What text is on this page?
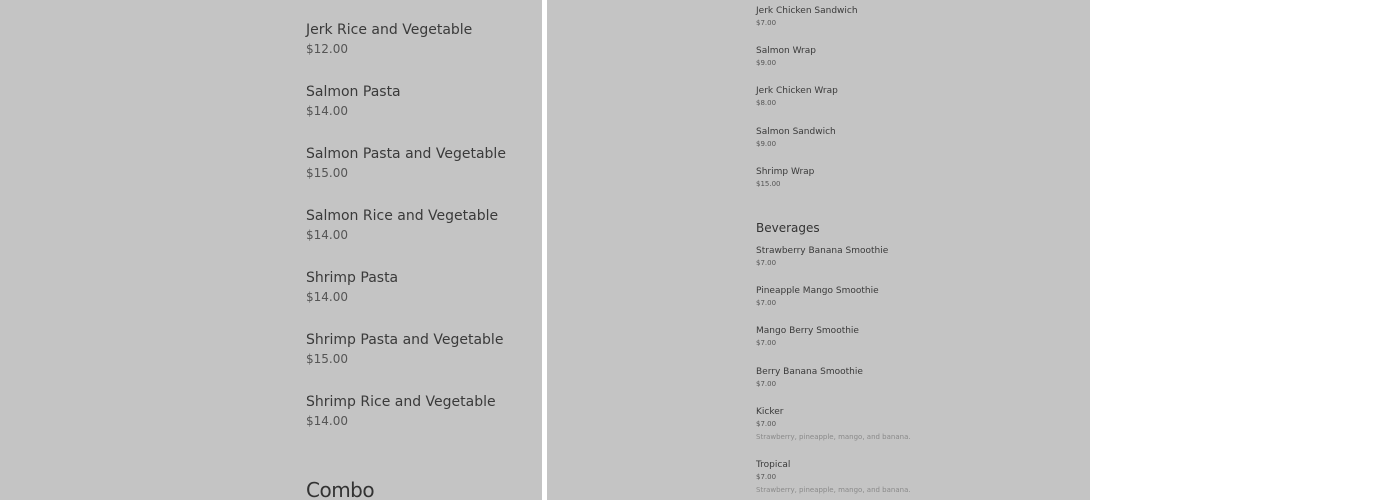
Jerk Rice and Vegetable
$12.00
Salmon Pasta
$14.00
Salmon Pasta and Vegetable
$15.00
Salmon Rice and Vegetable
$14.00
Shrimp Pasta
$14.00
Shrimp Pasta and Vegetable
$15.00
Shrimp Rice and Vegetable
$14.00
Combo
Jerk Chicken Sandwich
$7.00
Salmon Wrap
$9.00
Jerk Chicken Wrap
$8.00
Salmon Sandwich
$9.00
Shrimp Wrap
$15.00
Beverages
Strawberry Banana Smoothie
$7.00
Pineapple Mango Smoothie
$7.00
Mango Berry Smoothie
$7.00
Berry Banana Smoothie
$7.00
Kicker
$7.00
Strawberry, pineapple, mango, and banana.
Tropical
$7.00
Strawberry, pineapple, mango, and banana.
